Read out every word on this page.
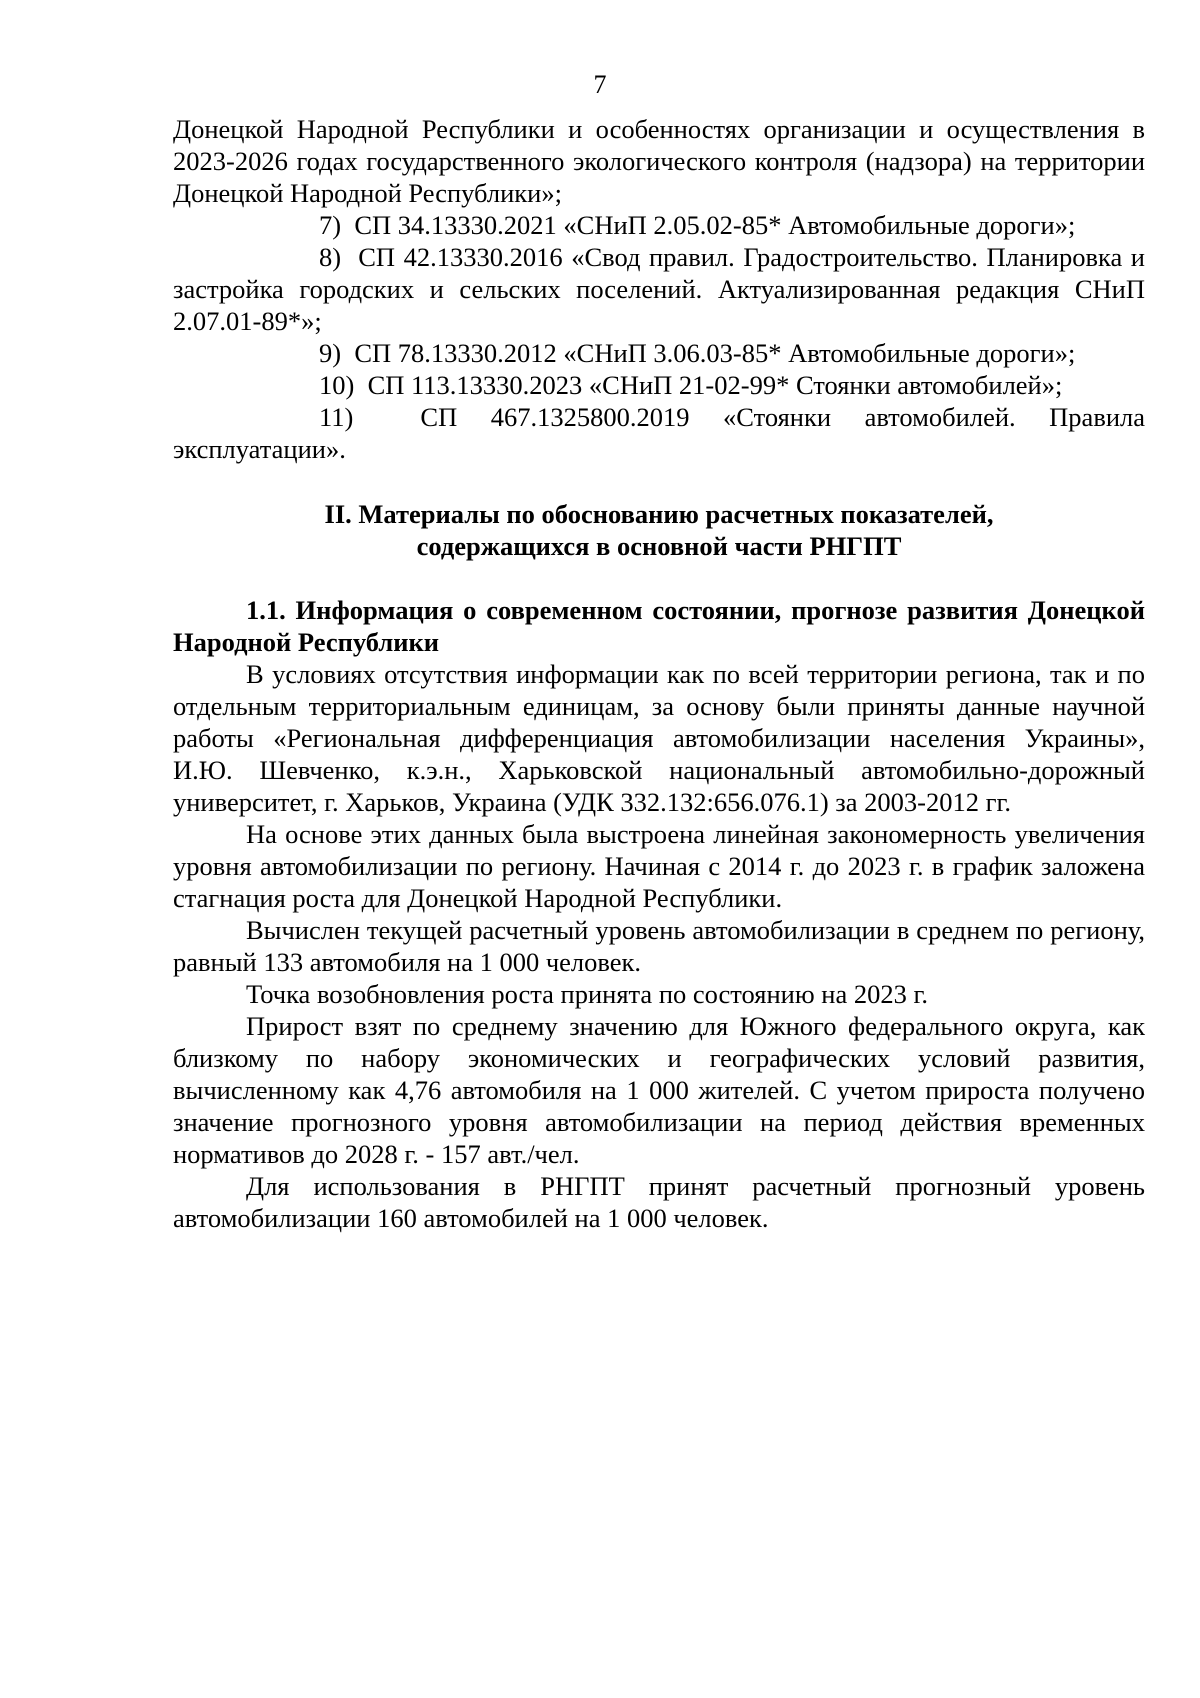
7

Донецкой Народной Республики и особенностях организации и осуществления в 2023-2026 годах государственного экологического контроля (надзора) на территории Донецкой Народной Республики»;

7) СП 34.13330.2021 «СНиП 2.05.02-85* Автомобильные дороги»;

8) СП 42.13330.2016 «Свод правил. Градостроительство. Планировка и застройка городских и сельских поселений. Актуализированная редакция СНиП 2.07.01-89*»;

9) СП 78.13330.2012 «СНиП 3.06.03-85* Автомобильные дороги»;

10) СП 113.13330.2023 «СНиП 21-02-99* Стоянки автомобилей»;

11)	СП 467.1325800.2019 «Стоянки автомобилей. Правила эксплуатации».

II. Материалы по обоснованию расчетных показателей,
содержащихся в основной части РНГПТ

1.1. Информация о современном состоянии, прогнозе развития Донецкой Народной Республики

В условиях отсутствия информации как по всей территории региона, так и по отдельным территориальным единицам, за основу были приняты данные научной работы «Региональная дифференциация автомобилизации населения Украины», И.Ю. Шевченко, к.э.н., Харьковской национальный автомобильно-дорожный университет, г. Харьков, Украина (УДК 332.132:656.076.1) за 2003-2012 гг.

На основе этих данных была выстроена линейная закономерность увеличения уровня автомобилизации по региону. Начиная с 2014 г. до 2023 г. в график заложена стагнация роста для Донецкой Народной Республики.

Вычислен текущей расчетный уровень автомобилизации в среднем по региону, равный 133 автомобиля на 1 000 человек.

Точка возобновления роста принята по состоянию на 2023 г.

Прирост взят по среднему значению для Южного федерального округа, как близкому по набору экономических и географических условий развития, вычисленному как 4,76 автомобиля на 1 000 жителей. С учетом прироста получено значение прогнозного уровня автомобилизации на период действия временных нормативов до 2028 г. - 157 авт./чел.

Для использования в РНГПТ принят расчетный прогнозный уровень автомобилизации 160 автомобилей на 1 000 человек.
